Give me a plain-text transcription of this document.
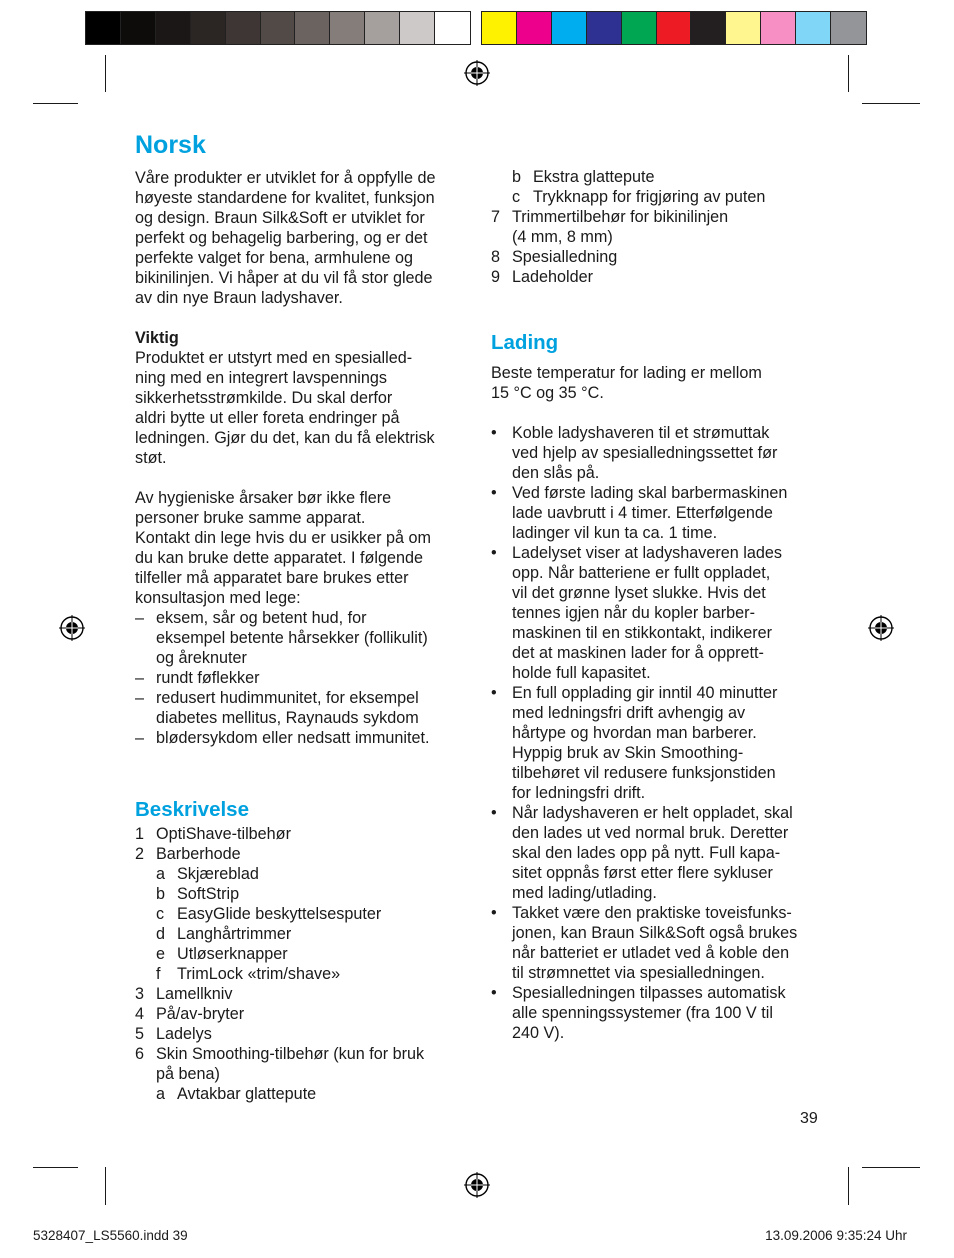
Norsk

Våre produkter er utviklet for å oppfylle de
høyeste standardene for kvalitet, funksjon
og design. Braun Silk&Soft er utviklet for
perfekt og behagelig barbering, og er det
perfekte valget for bena, armhulene og
bikinilinjen. Vi håper at du vil få stor glede
av din nye Braun ladyshaver.

Viktig

Produktet er utstyrt med en spesialled-
ning med en integrert lavspennings
sikkerhetsstrømkilde. Du skal derfor
aldri bytte ut eller foreta endringer på
ledningen. Gjør du det, kan du få elektrisk
støt.

Av hygieniske årsaker bør ikke flere
personer bruke samme apparat.
Kontakt din lege hvis du er usikker på om
du kan bruke dette apparatet. I følgende
tilfeller må apparatet bare brukes etter
konsultasjon med lege:

– eksem, sår og betent hud, for
eksempel betente hårsekker (follikulit)
og åreknuter
– rundt føflekker
– redusert hudimmunitet, for eksempel
diabetes mellitus, Raynauds sykdom
– blødersykdom eller nedsatt immunitet.
Beskrivelse
1 OptiShave-tilbehør
2 Barberhode
a Skjæreblad
b SoftStrip
c EasyGlide beskyttelsesputer
d Langhårtrimmer
e Utløserknapper
f TrimLock «trim/shave»
3 Lamellkniv
4 På/av-bryter
5 Ladelys
6 Skin Smoothing-tilbehør (kun for bruk
på bena)
a Avtakbar glattepute
b Ekstra glattepute
c Trykknapp for frigjøring av puten
7 Trimmertilbehør for bikinilinjen
(4 mm, 8 mm)
8 Spesialledning
9 Ladeholder
Lading

Beste temperatur for lading er mellom
15 °C og 35 °C.

• Koble ladyshaveren til et strømuttak
ved hjelp av spesialledningssettet før
den slås på.
• Ved første lading skal barbermaskinen
lade uavbrutt i 4 timer. Etterfølgende
ladinger vil kun ta ca. 1 time.
• Ladelyset viser at ladyshaveren lades
opp. Når batteriene er fullt oppladet,
vil det grønne lyset slukke. Hvis det
tennes igjen når du kopler barber-
maskinen til en stikkontakt, indikerer
det at maskinen lader for å opprett-
holde full kapasitet.
• En full opplading gir inntil 40 minutter
med ledningsfri drift avhengig av
hårtype og hvordan man barberer.
Hyppig bruk av Skin Smoothing-
tilbehøret vil redusere funksjonstiden
for ledningsfri drift.
• Når ladyshaveren er helt oppladet, skal
den lades ut ved normal bruk. Deretter
skal den lades opp på nytt. Full kapa-
sitet oppnås først etter flere sykluser
med lading/utlading.
• Takket være den praktiske toveisfunks-
jonen, kan Braun Silk&Soft også brukes
når batteriet er utladet ved å koble den
til strømnettet via spesialledningen.
• Spesialledningen tilpasses automatisk
alle spenningssystemer (fra 100 V til
240 V).
39
5328407_LS5560.indd 39	13.09.2006 9:35:24 Uhr
